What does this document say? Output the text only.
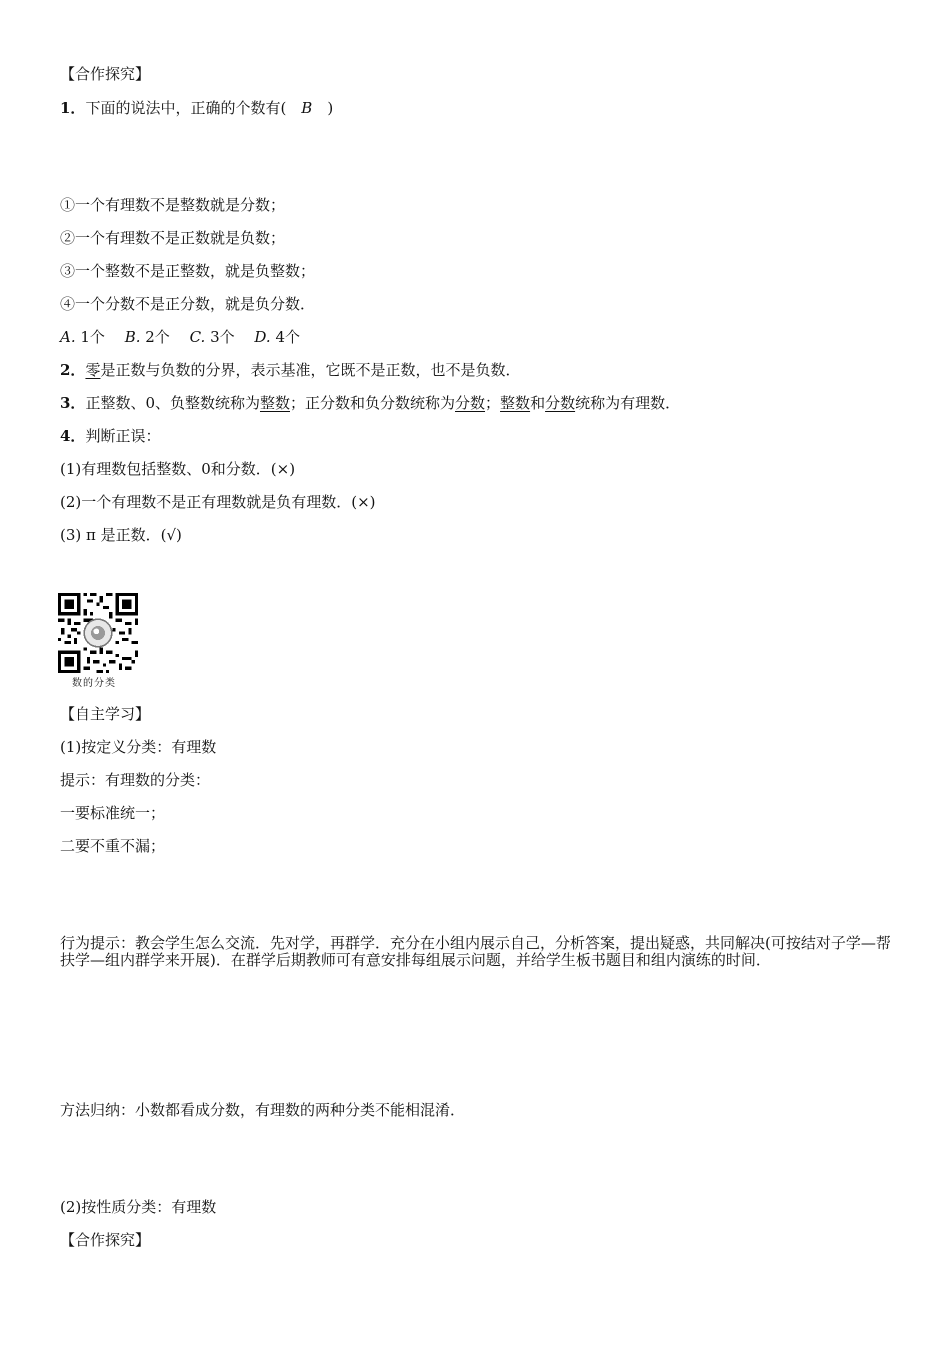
【合作探究】
1．下面的说法中，正确的个数有(　B　)
①一个有理数不是整数就是分数；
②一个有理数不是正数就是负数；
③一个整数不是正整数，就是负整数；
④一个分数不是正分数，就是负分数．
A. 1个　 B. 2个　 C. 3个　 D. 4个
2．零是正数与负数的分界，表示基准，它既不是正数，也不是负数．
3．正整数、0、负整数统称为整数；正分数和负分数统称为分数；整数和分数统称为有理数．
4．判断正误：
(1)有理数包括整数、0和分数．(×)
(2)一个有理数不是正有理数就是负有理数．(×)
(3) π 是正数．(√)
数的分类
【自主学习】
(1)按定义分类：有理数
提示：有理数的分类：
一要标准统一；
二要不重不漏；
行为提示：教会学生怎么交流．先对学，再群学．充分在小组内展示自己，分析答案，提出疑惑，共同解决(可按结对子学—帮扶学—组内群学来开展)．在群学后期教师可有意安排每组展示问题，并给学生板书题目和组内演练的时间．
方法归纳：小数都看成分数，有理数的两种分类不能相混淆．
(2)按性质分类：有理数
【合作探究】
